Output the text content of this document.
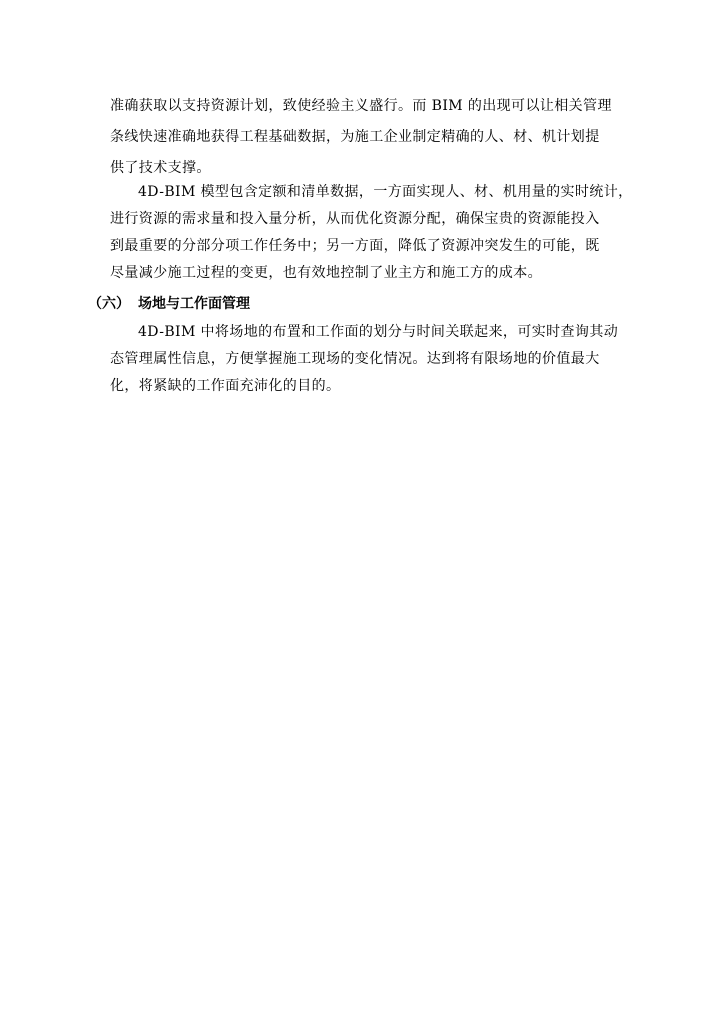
准确获取以支持资源计划，致使经验主义盛行。而 BIM 的出现可以让相关管理
条线快速准确地获得工程基础数据，为施工企业制定精确的人、材、机计划提
供了技术支撑。
4D-BIM 模型包含定额和清单数据，一方面实现人、材、机用量的实时统计，
进行资源的需求量和投入量分析，从而优化资源分配，确保宝贵的资源能投入
到最重要的分部分项工作任务中；另一方面，降低了资源冲突发生的可能，既
尽量减少施工过程的变更，也有效地控制了业主方和施工方的成本。
（六） 场地与工作面管理
4D-BIM 中将场地的布置和工作面的划分与时间关联起来，可实时查询其动
态管理属性信息，方便掌握施工现场的变化情况。达到将有限场地的价值最大
化，将紧缺的工作面充沛化的目的。
